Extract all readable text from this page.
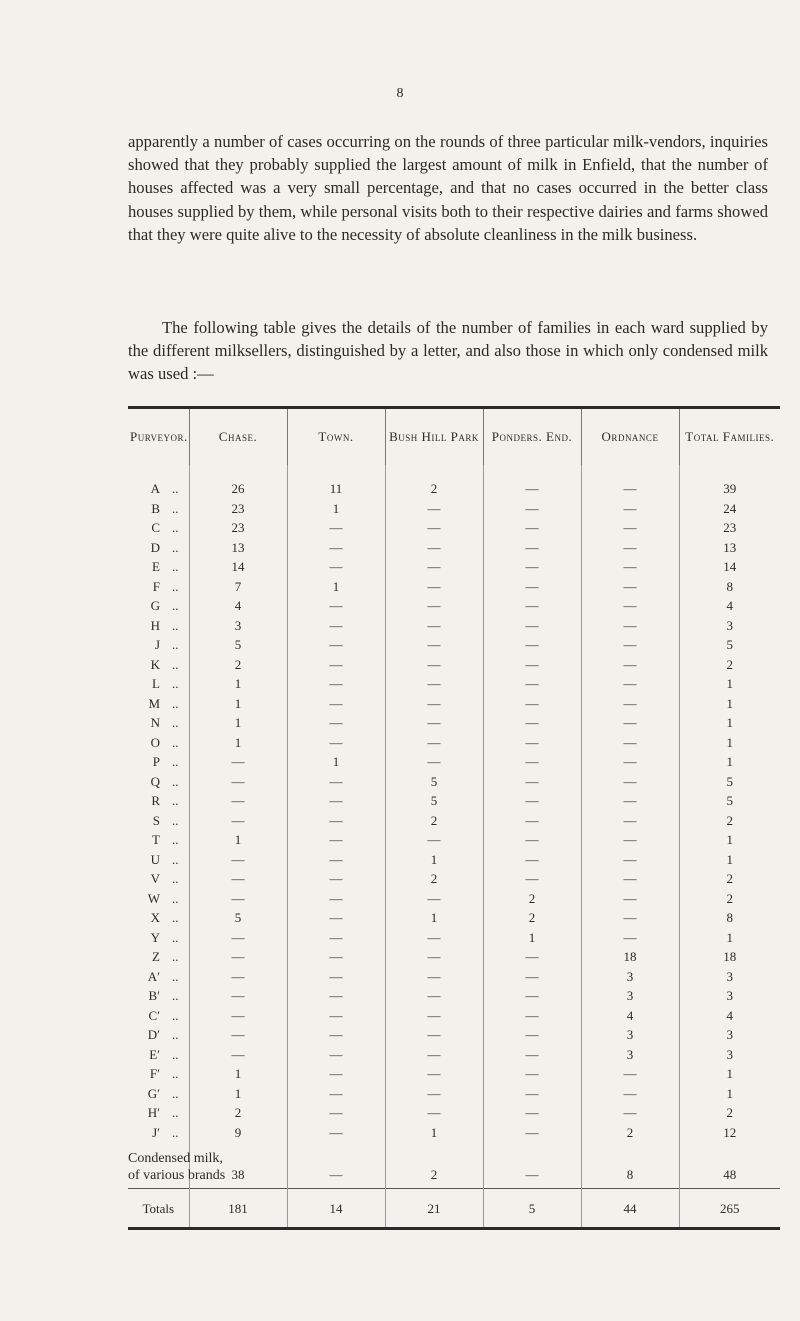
8

apparently a number of cases occurring on the rounds of three particular milk-vendors, inquiries showed that they probably supplied the largest amount of milk in Enfield, that the number of houses affected was a very small percentage, and that no cases occurred in the better class houses supplied by them, while personal visits both to their respective dairies and farms showed that they were quite alive to the necessity of absolute cleanliness in the milk business.

The following table gives the details of the number of families in each ward supplied by the different milksellers, distinguished by a letter, and also those in which only condensed milk was used :—

Purveyor.	Chase.	Town.	Bush Hill Park	Ponders. End.	Ordnance	Total Families.
A ..	26	11	2	—	—	39
B ..	23	1	—	—	—	24
C ..	23	—	—	—	—	23
D ..	13	—	—	—	—	13
E ..	14	—	—	—	—	14
F ..	7	1	—	—	—	8
G ..	4	—	—	—	—	4
H ..	3	—	—	—	—	3
J ..	5	—	—	—	—	5
K ..	2	—	—	—	—	2
L ..	1	—	—	—	—	1
M ..	1	—	—	—	—	1
N ..	1	—	—	—	—	1
O ..	1	—	—	—	—	1
P ..	—	1	—	—	—	1
Q ..	—	—	5	—	—	5
R ..	—	—	5	—	—	5
S ..	—	—	2	—	—	2
T ..	1	—	—	—	—	1
U ..	—	—	1	—	—	1
V ..	—	—	2	—	—	2
W ..	—	—	—	2	—	2
X ..	5	—	1	2	—	8
Y ..	—	—	—	1	—	1
Z ..	—	—	—	—	18	18
A′ ..	—	—	—	—	3	3
B′ ..	—	—	—	—	3	3
C′ ..	—	—	—	—	4	4
D′ ..	—	—	—	—	3	3
E′ ..	—	—	—	—	3	3
F′ ..	1	—	—	—	—	1
G′ ..	1	—	—	—	—	1
H′ ..	2	—	—	—	—	2
J′ ..	9	—	1	—	2	12

Condensed milk,
of various brands	38	—	2	—	8	48
Totals	181	14	21	5	44	265
